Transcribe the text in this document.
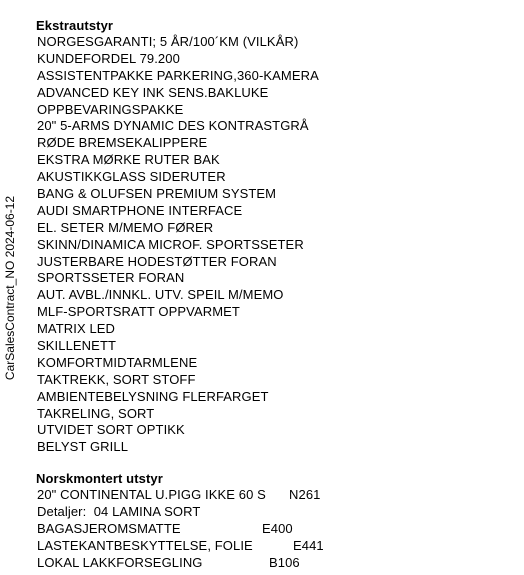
CarSalesContract_NO 2024-06-12
Ekstrautstyr
NORGESGARANTI; 5 ÅR/100´KM (VILKÅR)
KUNDEFORDEL 79.200
ASSISTENTPAKKE PARKERING,360-KAMERA
ADVANCED KEY INK SENS.BAKLUKE
OPPBEVARINGSPAKKE
20" 5-ARMS DYNAMIC DES KONTRASTGRÅ
RØDE BREMSEKALIPPERE
EKSTRA MØRKE RUTER BAK
AKUSTIKKGLASS SIDERUTER
BANG & OLUFSEN PREMIUM SYSTEM
AUDI SMARTPHONE INTERFACE
EL. SETER M/MEMO FØRER
SKINN/DINAMICA MICROF. SPORTSSETER
JUSTERBARE HODESTØTTER FORAN
SPORTSSETER FORAN
AUT. AVBL./INNKL. UTV. SPEIL M/MEMO
MLF-SPORTSRATT OPPVARMET
MATRIX LED
SKILLENETT
KOMFORTMIDTARMLENE
TAKTREKK, SORT STOFF
AMBIENTEBELYSNING FLERFARGET
TAKRELING, SORT
UTVIDET SORT OPTIKK
BELYST GRILL
Norskmontert utstyr
20" CONTINENTAL U.PIGG IKKE 60 S N261
Detaljer:  04 LAMINA SORT
BAGASJEROMSMATTE	E400
LASTEKANTBESKYTTELSE, FOLIE	E441
LOKAL LAKKFORSEGLING	B106
